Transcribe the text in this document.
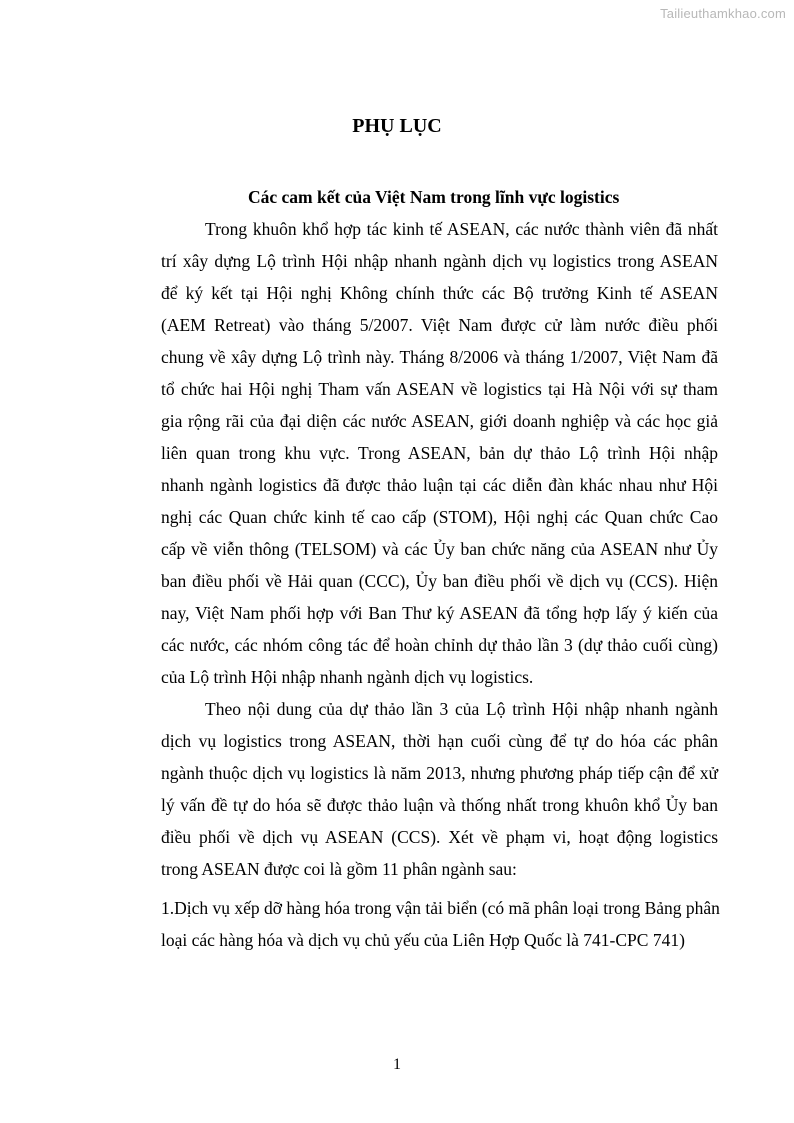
Tailieuthamkhao.com
PHỤ LỤC
Các cam kết của Việt Nam trong lĩnh vực logistics
Trong khuôn khổ hợp tác kinh tế ASEAN, các nước thành viên đã nhất
trí xây dựng Lộ trình Hội nhập nhanh ngành dịch vụ logistics trong ASEAN
để ký kết tại Hội nghị Không chính thức các Bộ trưởng Kinh tế ASEAN
(AEM Retreat) vào tháng 5/2007. Việt Nam được cử làm nước điều phối
chung về xây dựng Lộ trình này. Tháng 8/2006 và tháng 1/2007, Việt Nam đã
tổ chức hai Hội nghị Tham vấn ASEAN về logistics tại Hà Nội với sự tham
gia rộng rãi của đại diện các nước ASEAN, giới doanh nghiệp và các học giả
liên quan trong khu vực. Trong ASEAN, bản dự thảo Lộ trình Hội nhập
nhanh ngành logistics đã được thảo luận tại các diễn đàn khác nhau như Hội
nghị các Quan chức kinh tế cao cấp (STOM), Hội nghị các Quan chức Cao
cấp về viễn thông (TELSOM) và các Ủy ban chức năng của ASEAN như Ủy
ban điều phối về Hải quan (CCC), Ủy ban điều phối về dịch vụ (CCS). Hiện
nay, Việt Nam phối hợp với Ban Thư ký ASEAN đã tổng hợp lấy ý kiến của
các nước, các nhóm công tác để hoàn chỉnh dự thảo lần 3 (dự thảo cuối cùng)
của Lộ trình Hội nhập nhanh ngành dịch vụ logistics.
Theo nội dung của dự thảo lần 3 của Lộ trình Hội nhập nhanh ngành
dịch vụ logistics trong ASEAN, thời hạn cuối cùng để tự do hóa các phân
ngành thuộc dịch vụ logistics là năm 2013, nhưng phương pháp tiếp cận để xử
lý vấn đề tự do hóa sẽ được thảo luận và thống nhất trong khuôn khổ Ủy ban
điều phối về dịch vụ ASEAN (CCS). Xét về phạm vi, hoạt động logistics
trong ASEAN được coi là gồm 11 phân ngành sau:
1.Dịch vụ xếp dỡ hàng hóa trong vận tải biển (có mã phân loại trong Bảng phân
loại các hàng hóa và dịch vụ chủ yếu của Liên Hợp Quốc là 741-CPC 741)
1
